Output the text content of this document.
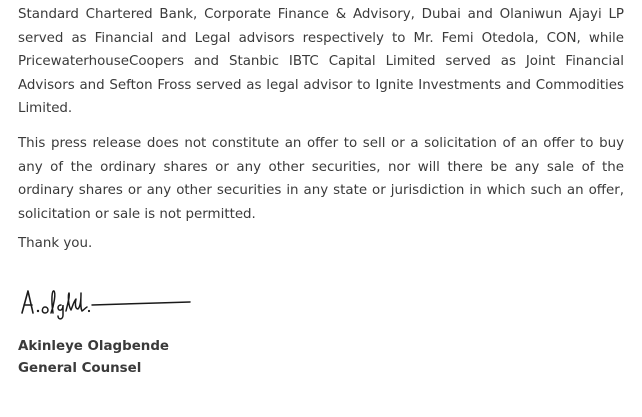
Standard Chartered Bank, Corporate Finance & Advisory, Dubai and Olaniwun Ajayi LP served as Financial and Legal advisors respectively to Mr. Femi Otedola, CON, while PricewaterhouseCoopers and Stanbic IBTC Capital Limited served as Joint Financial Advisors and Sefton Fross served as legal advisor to Ignite Investments and Commodities Limited.

This press release does not constitute an offer to sell or a solicitation of an offer to buy any of the ordinary shares or any other securities, nor will there be any sale of the ordinary shares or any other securities in any state or jurisdiction in which such an offer, solicitation or sale is not permitted.

Thank you.

Akinleye Olagbende

General Counsel
